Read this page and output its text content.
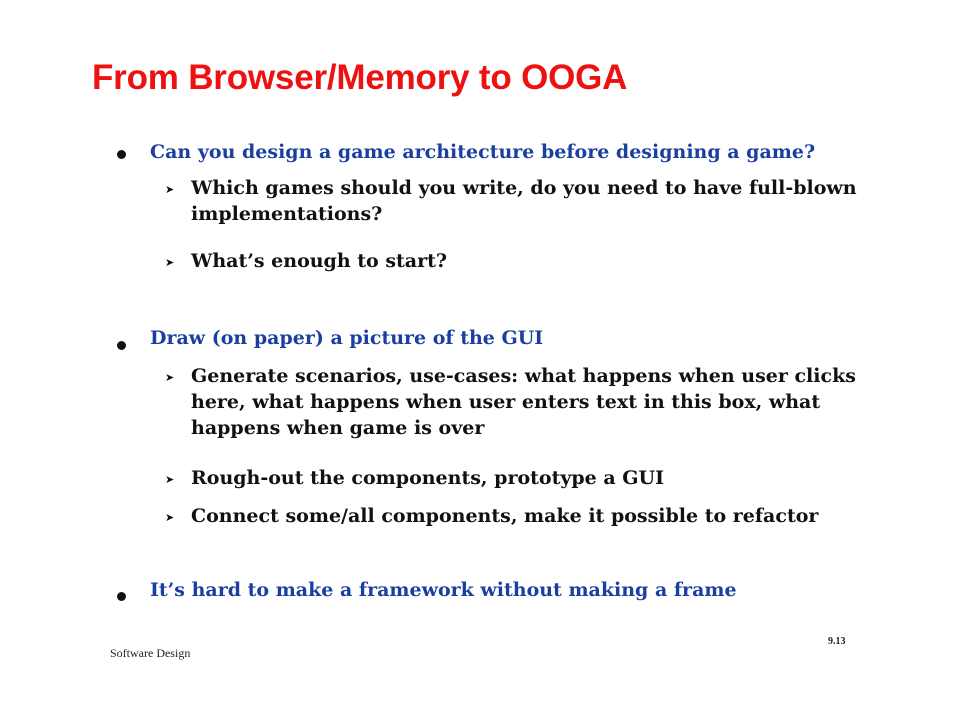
From Browser/Memory to OOGA
Can you design a game architecture before designing a game?
➤ Which games should you write, do you need to have full-blown implementations?
➤ What’s enough to start?
Draw (on paper) a picture of the GUI
➤ Generate scenarios, use-cases: what happens when user clicks here, what happens when user enters text in this box, what happens when game is over
➤ Rough-out the components, prototype a GUI
➤ Connect some/all components, make it possible to refactor
It’s hard to make a framework without making a frame
Software Design
9.13
